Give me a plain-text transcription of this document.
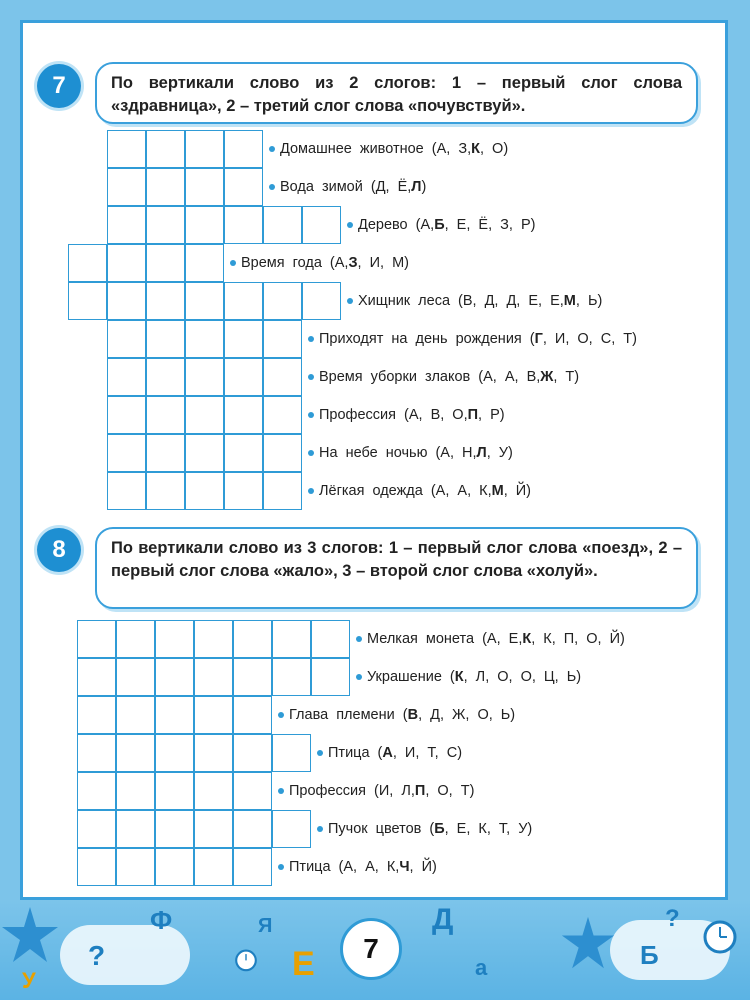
7	По вертикали слово из 2 слогов: 1 – первый слог слова «здравница», 2 – третий слог слова «почувствуй».
8	По вертикали слово из 3 слогов: 1 – первый слог слова «поезд», 2 – первый слог слова «жало», 3 – второй слог слова «холуй».
Ф	Я
Е
Д
а	Б
?
?
У
7
Домашнее животное (А, З, К , О)
Вода зимой (Д, Ё, Л )
Дерево (А, Б , Е, Ё, З, Р)
Время года (А, З , И, М)
Хищник леса (В, Д, Д, Е, Е, М , Ь)
Приходят на день рождения ( Г , И, О, С, Т)
Время уборки злаков (А, А, В, Ж , Т)
Профессия (А, В, О, П , Р)
На небе ночью (А, Н, Л , У)
Лёгкая одежда (А, А, К, М , Й)
Мелкая монета (А, Е, К , К, П, О, Й)
Украшение ( К , Л, О, О, Ц, Ь)
Глава племени ( В , Д, Ж, О, Ь)
Птица ( А , И, Т, С)
Профессия (И, Л, П , О, Т)
Пучок цветов ( Б , Е, К, Т, У)
Птица (А, А, К, Ч , Й)
